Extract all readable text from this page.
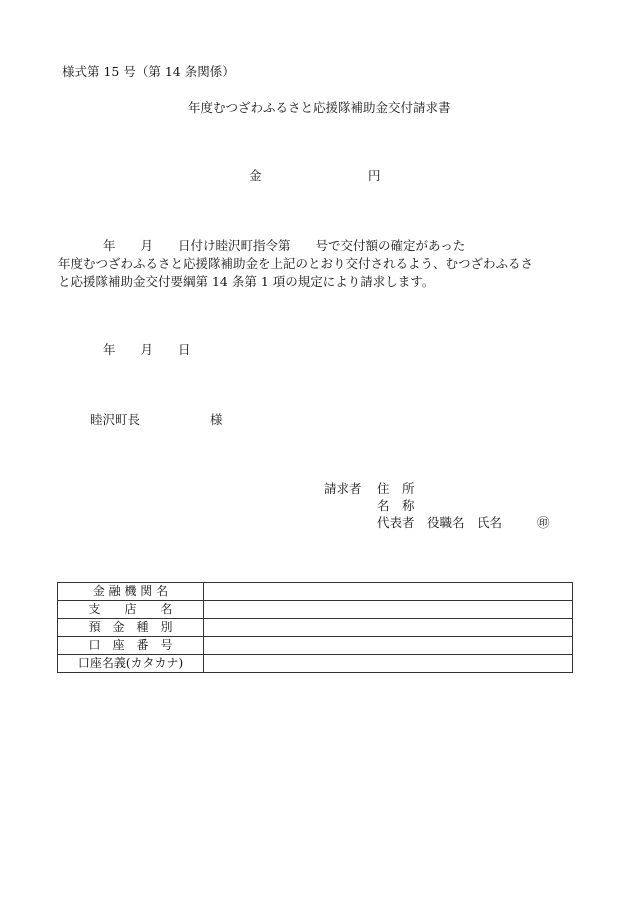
様式第 15 号（第 14 条関係）
年度むつざわふるさと応援隊補助金交付請求書
金	円
年　　月　　日付け睦沢町指令第　　号で交付額の確定があった
年度むつざわふるさと応援隊補助金を上記のとおり交付されるよう、むつざわふるさ
と応援隊補助金交付要綱第 14 条第 1 項の規定により請求します。
年　　月　　日
睦沢町長	様
請求者 住　所
名　称
代表者　役職名　氏名	㊞
金 融 機 関 名	
支　　店　　名	
預　金　種　別	
口　座　番　号	
口座名義(カタカナ)	
